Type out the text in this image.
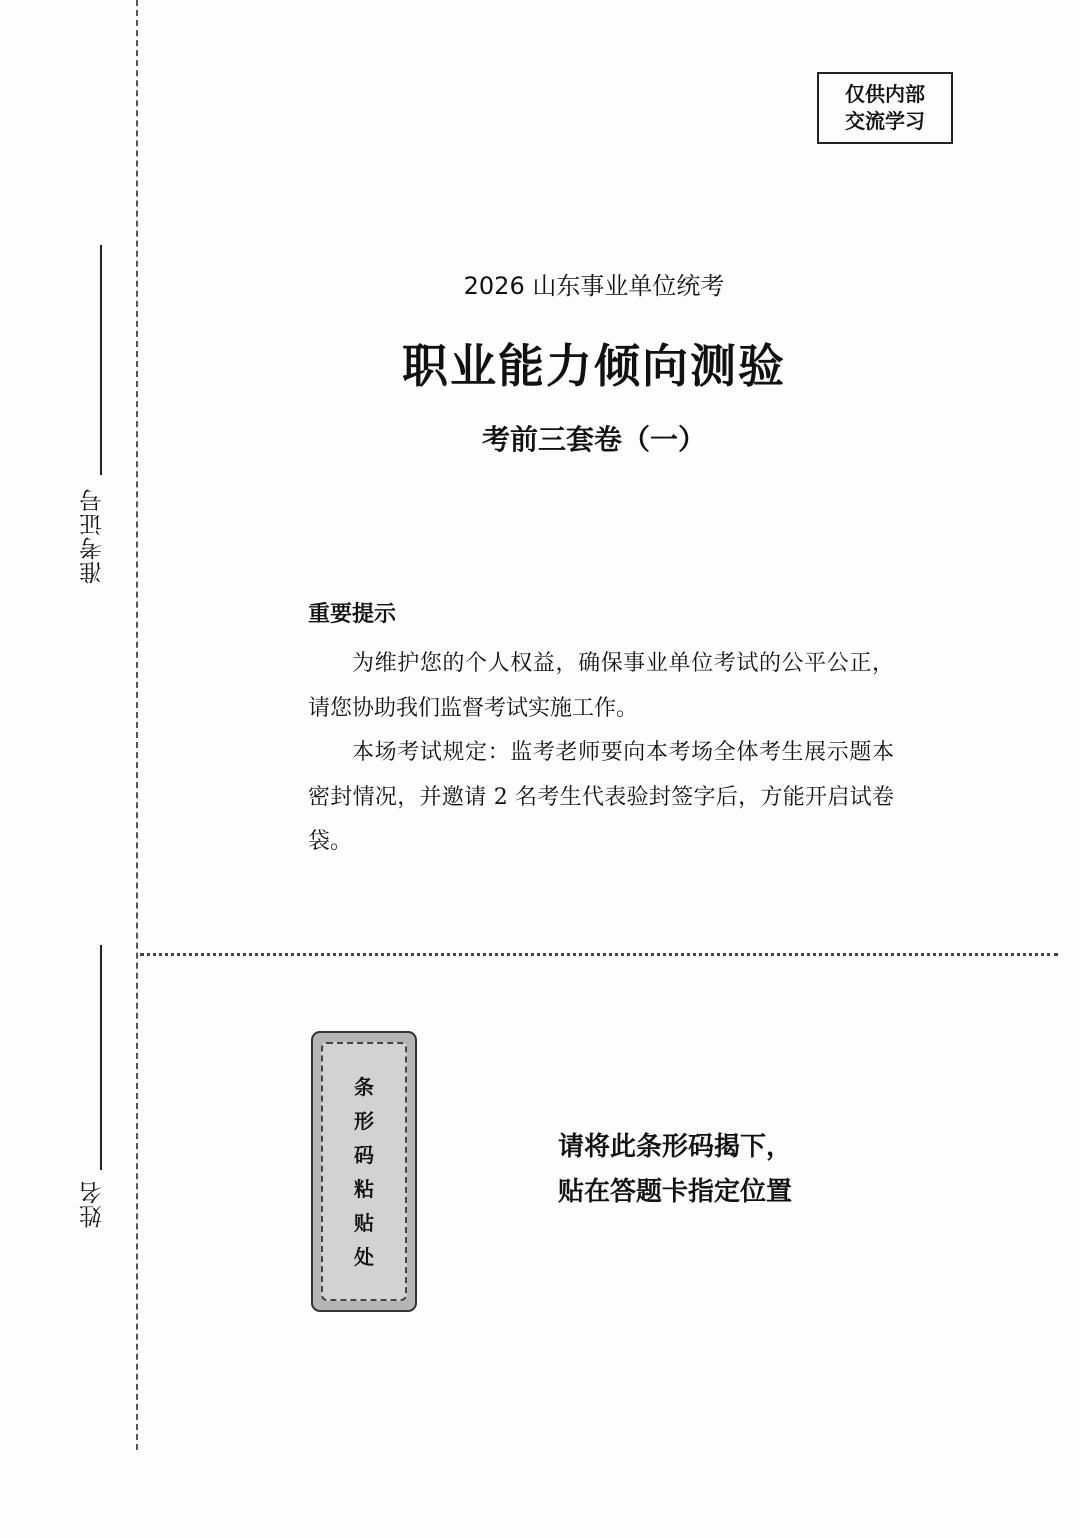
准考证号
姓名
仅供内部
交流学习
2026 山东事业单位统考
职业能力倾向测验
考前三套卷（一）
重要提示

为维护您的个人权益，确保事业单位考试的公平公正，请您协助我们监督考试实施工作。

本场考试规定：监考老师要向本考场全体考生展示题本密封情况，并邀请 2 名考生代表验封签字后，方能开启试卷袋。

条
形
码
粘
贴
处
请将此条形码揭下，
贴在答题卡指定位置
